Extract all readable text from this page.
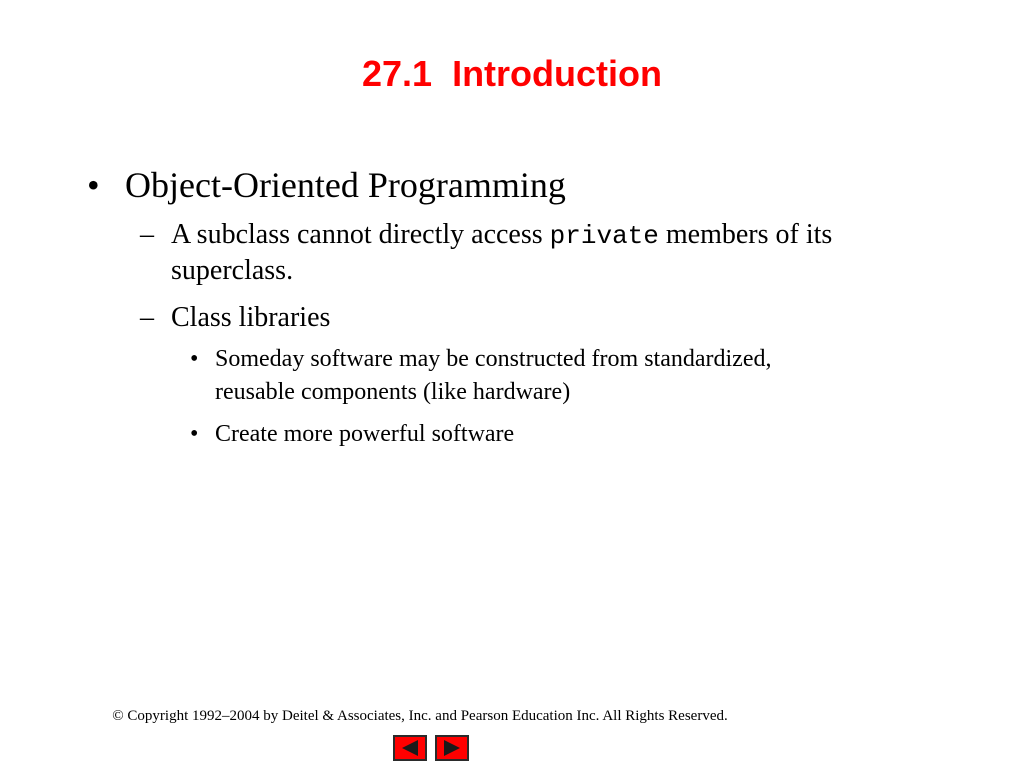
27.1 Introduction
• Object-Oriented Programming
– A subclass cannot directly access private members of its
superclass.
– Class libraries
• Someday software may be constructed from standardized,
reusable components (like hardware)
• Create more powerful software
© Copyright 1992–2004 by Deitel & Associates, Inc. and Pearson Education Inc. All Rights Reserved.
